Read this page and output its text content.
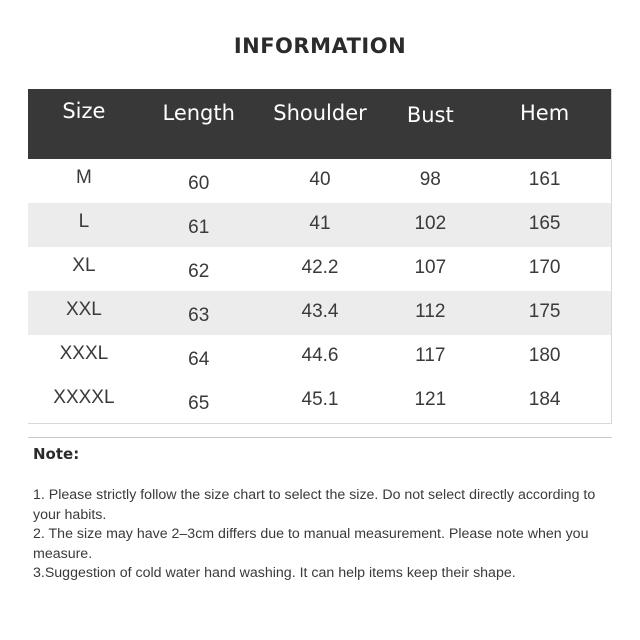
INFORMATION
Size	Length	Shoulder	Bust	Hem
M	60	40	98	161
L	61	41	102	165
XL	62	42.2	107	170
XXL	63	43.4	112	175
XXXL	64	44.6	117	180
XXXXL	65	45.1	121	184
Note:

1. Please strictly follow the size chart to select the size. Do not select directly according to your habits.

2. The size may have 2–3cm differs due to manual measurement. Please note when you measure.

3.Suggestion of cold water hand washing. It can help items keep their shape.
